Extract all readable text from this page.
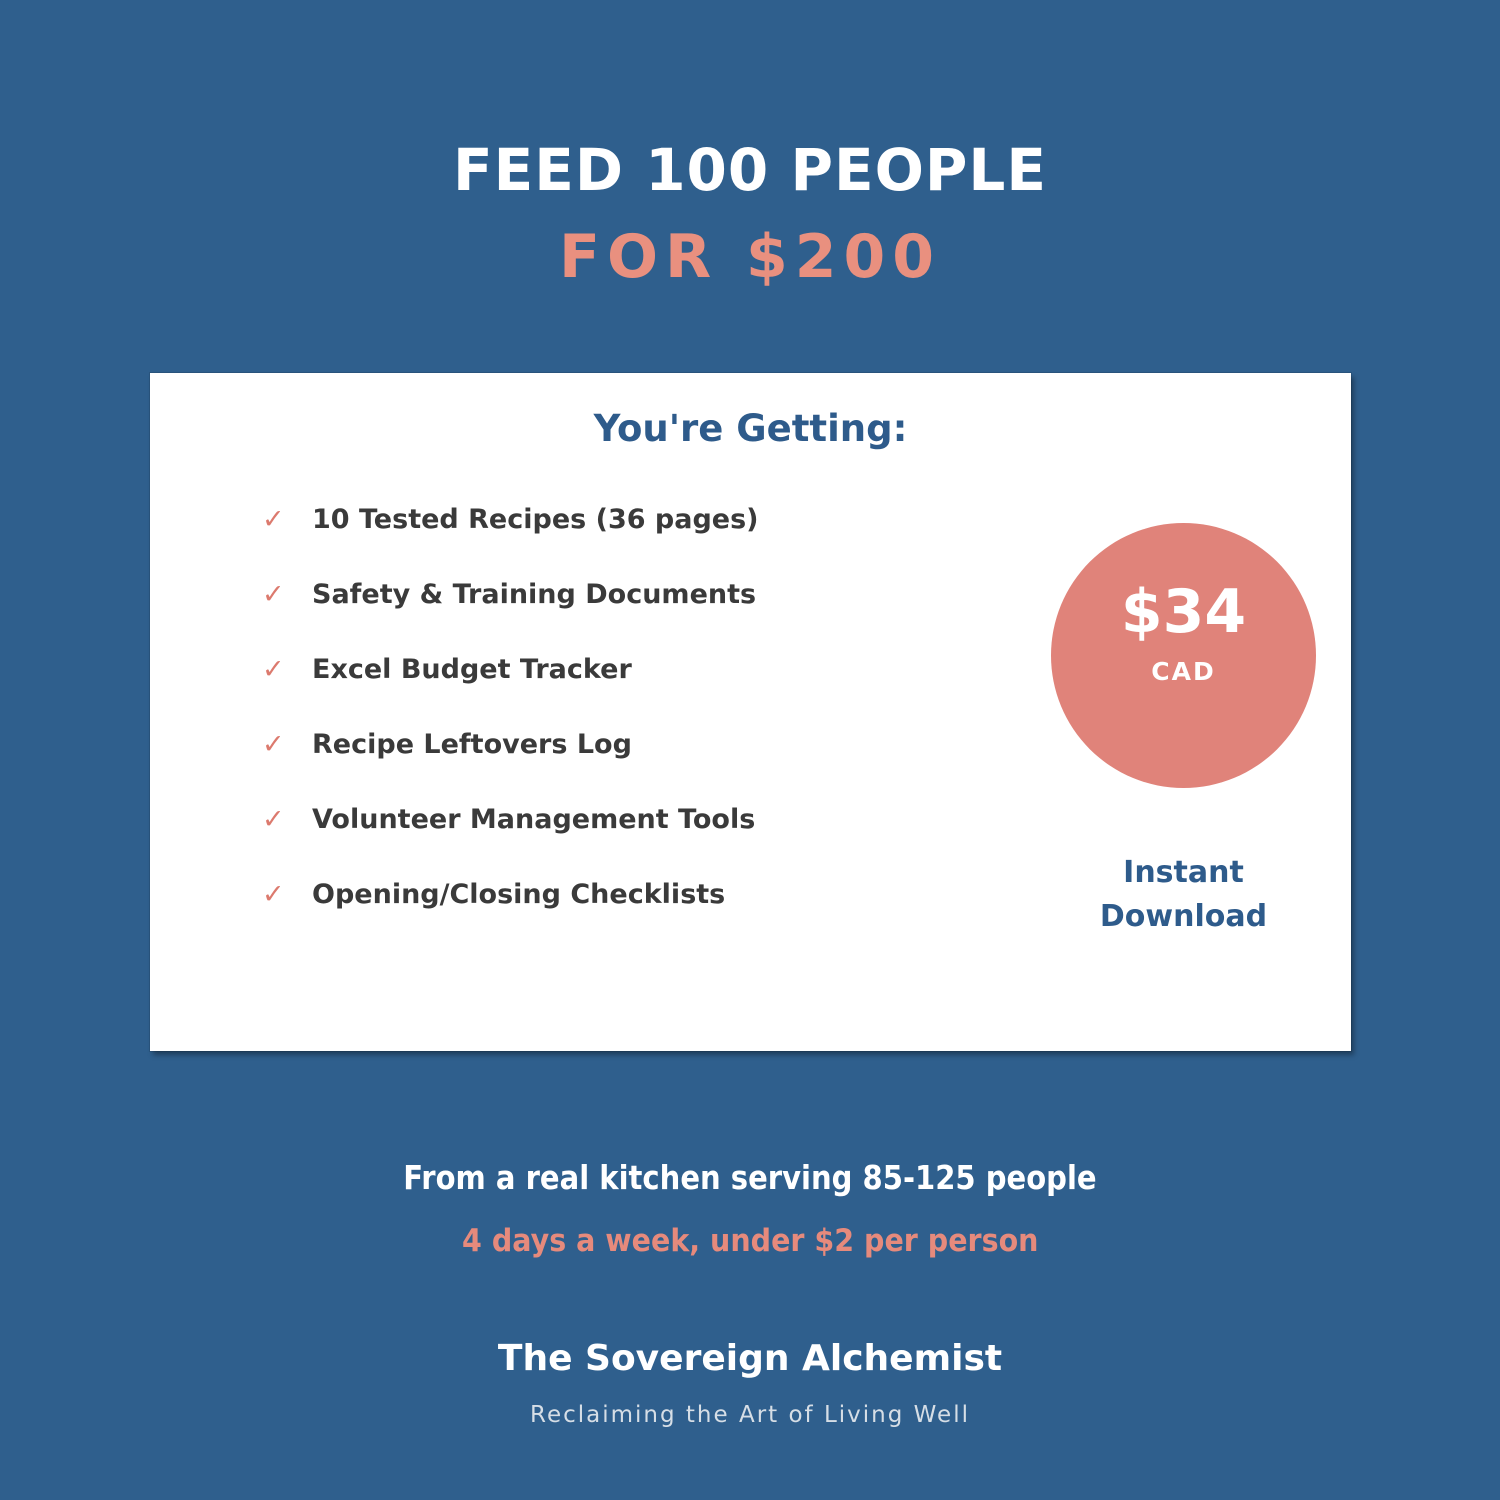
FEED 100 PEOPLE
FOR $200
You're Getting:
✓	10 Tested Recipes (36 pages)
✓	Safety & Training Documents
✓	Excel Budget Tracker
✓	Recipe Leftovers Log
✓	Volunteer Management Tools
✓	Opening/Closing Checklists
$34
CAD
Instant
Download
From a real kitchen serving 85-125 people
4 days a week, under $2 per person
The Sovereign Alchemist
Reclaiming the Art of Living Well
